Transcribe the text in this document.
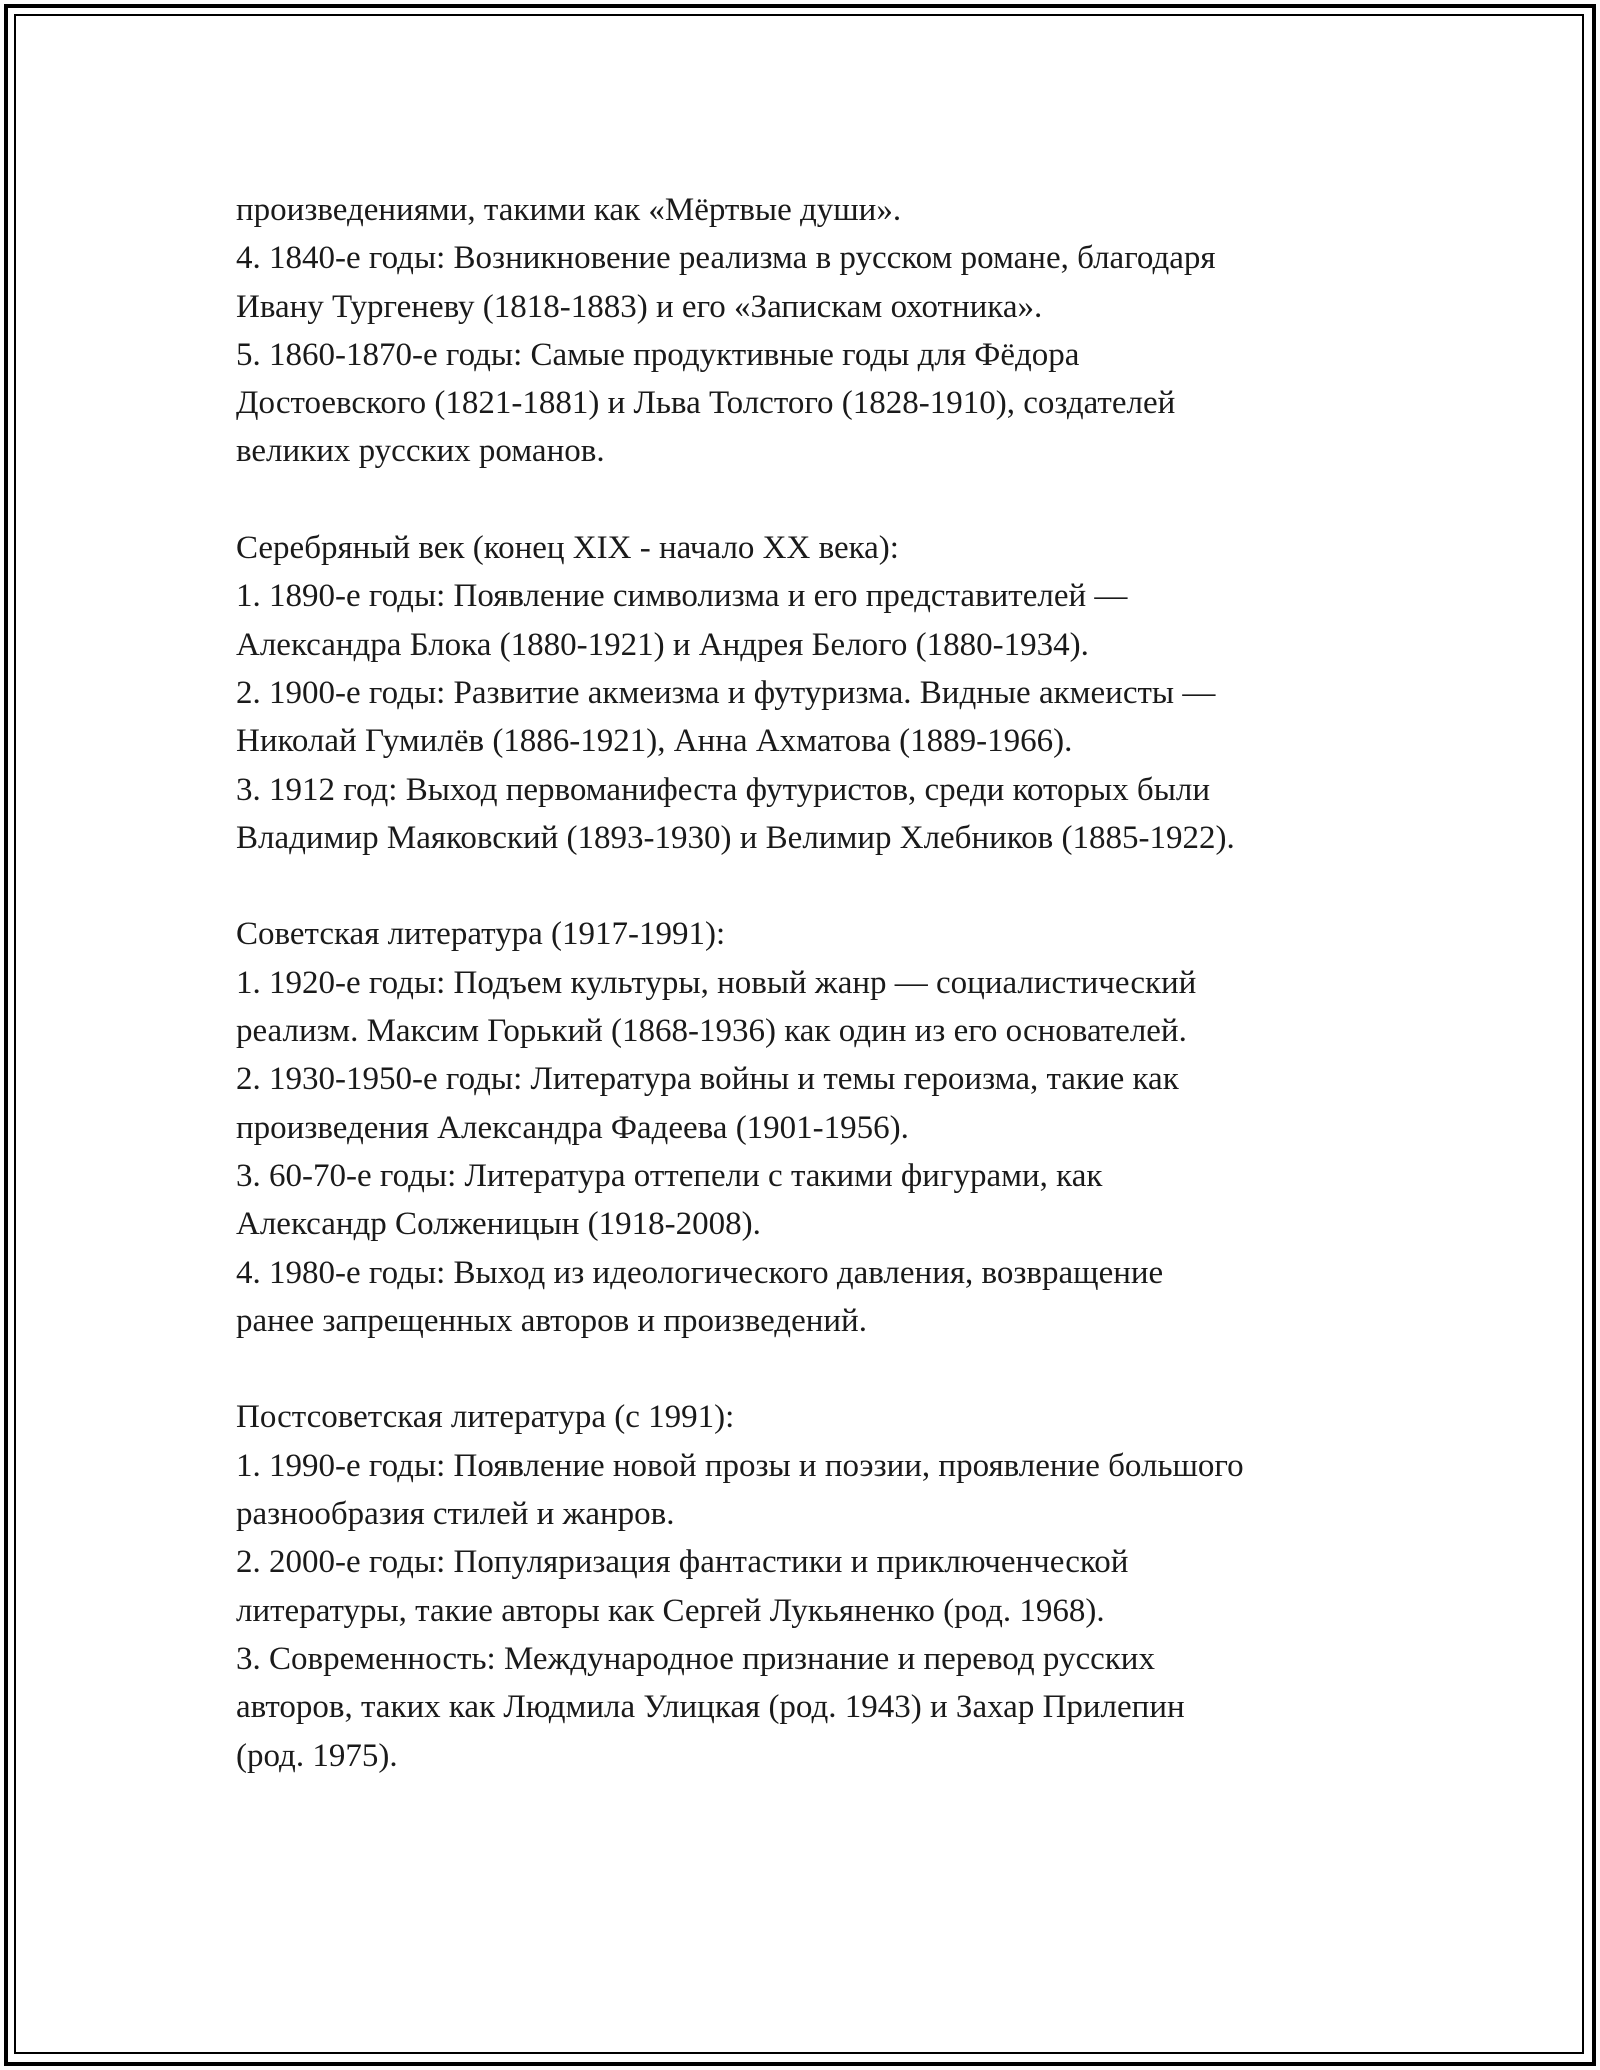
произведениями, такими как «Мёртвые души».
4. 1840-е годы: Возникновение реализма в русском романе, благодаря
Ивану Тургеневу (1818-1883) и его «Запискам охотника».
5. 1860-1870-е годы: Самые продуктивные годы для Фёдора
Достоевского (1821-1881) и Льва Толстого (1828-1910), создателей
великих русских романов.
Серебряный век (конец XIX - начало XX века):
1. 1890-е годы: Появление символизма и его представителей —
Александра Блока (1880-1921) и Андрея Белого (1880-1934).
2. 1900-е годы: Развитие акмеизма и футуризма. Видные акмеисты —
Николай Гумилёв (1886-1921), Анна Ахматова (1889-1966).
3. 1912 год: Выход первоманифеста футуристов, среди которых были
Владимир Маяковский (1893-1930) и Велимир Хлебников (1885-1922).
Советская литература (1917-1991):
1. 1920-е годы: Подъем культуры, новый жанр — социалистический
реализм. Максим Горький (1868-1936) как один из его основателей.
2. 1930-1950-е годы: Литература войны и темы героизма, такие как
произведения Александра Фадеева (1901-1956).
3. 60-70-е годы: Литература оттепели с такими фигурами, как
Александр Солженицын (1918-2008).
4. 1980-е годы: Выход из идеологического давления, возвращение
ранее запрещенных авторов и произведений.
Постсоветская литература (с 1991):
1. 1990-е годы: Появление новой прозы и поэзии, проявление большого
разнообразия стилей и жанров.
2. 2000-е годы: Популяризация фантастики и приключенческой
литературы, такие авторы как Сергей Лукьяненко (род. 1968).
3. Современность: Международное признание и перевод русских
авторов, таких как Людмила Улицкая (род. 1943) и Захар Прилепин
(род. 1975).
